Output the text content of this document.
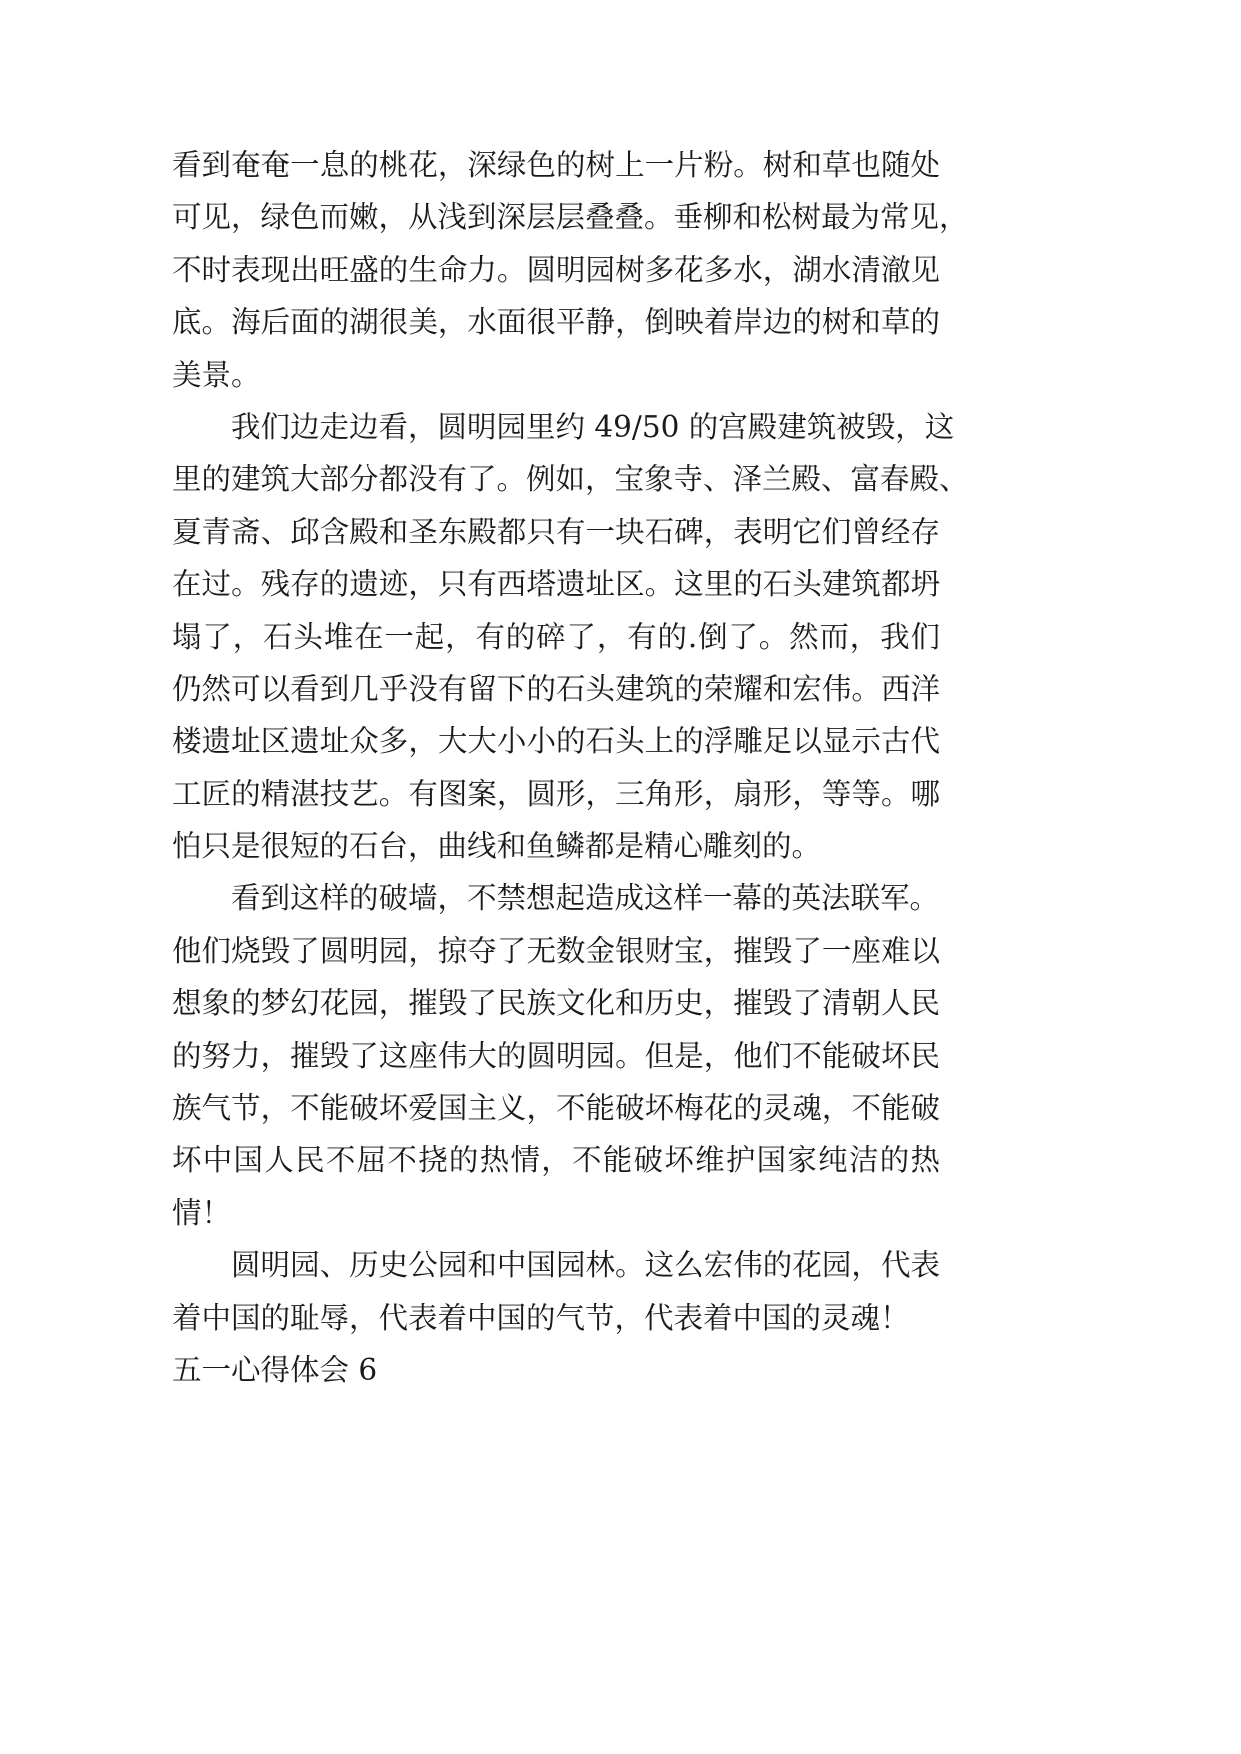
看到奄奄一息的桃花，深绿色的树上一片粉。树和草也随处
可见，绿色而嫩，从浅到深层层叠叠。垂柳和松树最为常见，
不时表现出旺盛的生命力。圆明园树多花多水，湖水清澈见
底。海后面的湖很美，水面很平静，倒映着岸边的树和草的
美景。
我们边走边看，圆明园里约 49/50 的宫殿建筑被毁，这
里的建筑大部分都没有了。例如，宝象寺、泽兰殿、富春殿、
夏青斋、邱含殿和圣东殿都只有一块石碑，表明它们曾经存
在过。残存的遗迹，只有西塔遗址区。这里的石头建筑都坍
塌了，石头堆在一起，有的碎了，有的.倒了。然而，我们
仍然可以看到几乎没有留下的石头建筑的荣耀和宏伟。西洋
楼遗址区遗址众多，大大小小的石头上的浮雕足以显示古代
工匠的精湛技艺。有图案，圆形，三角形，扇形，等等。哪
怕只是很短的石台，曲线和鱼鳞都是精心雕刻的。
看到这样的破墙，不禁想起造成这样一幕的英法联军。
他们烧毁了圆明园，掠夺了无数金银财宝，摧毁了一座难以
想象的梦幻花园，摧毁了民族文化和历史，摧毁了清朝人民
的努力，摧毁了这座伟大的圆明园。但是，他们不能破坏民
族气节，不能破坏爱国主义，不能破坏梅花的灵魂，不能破
坏中国人民不屈不挠的热情，不能破坏维护国家纯洁的热
情！
圆明园、历史公园和中国园林。这么宏伟的花园，代表
着中国的耻辱，代表着中国的气节，代表着中国的灵魂！
五一心得体会 6
